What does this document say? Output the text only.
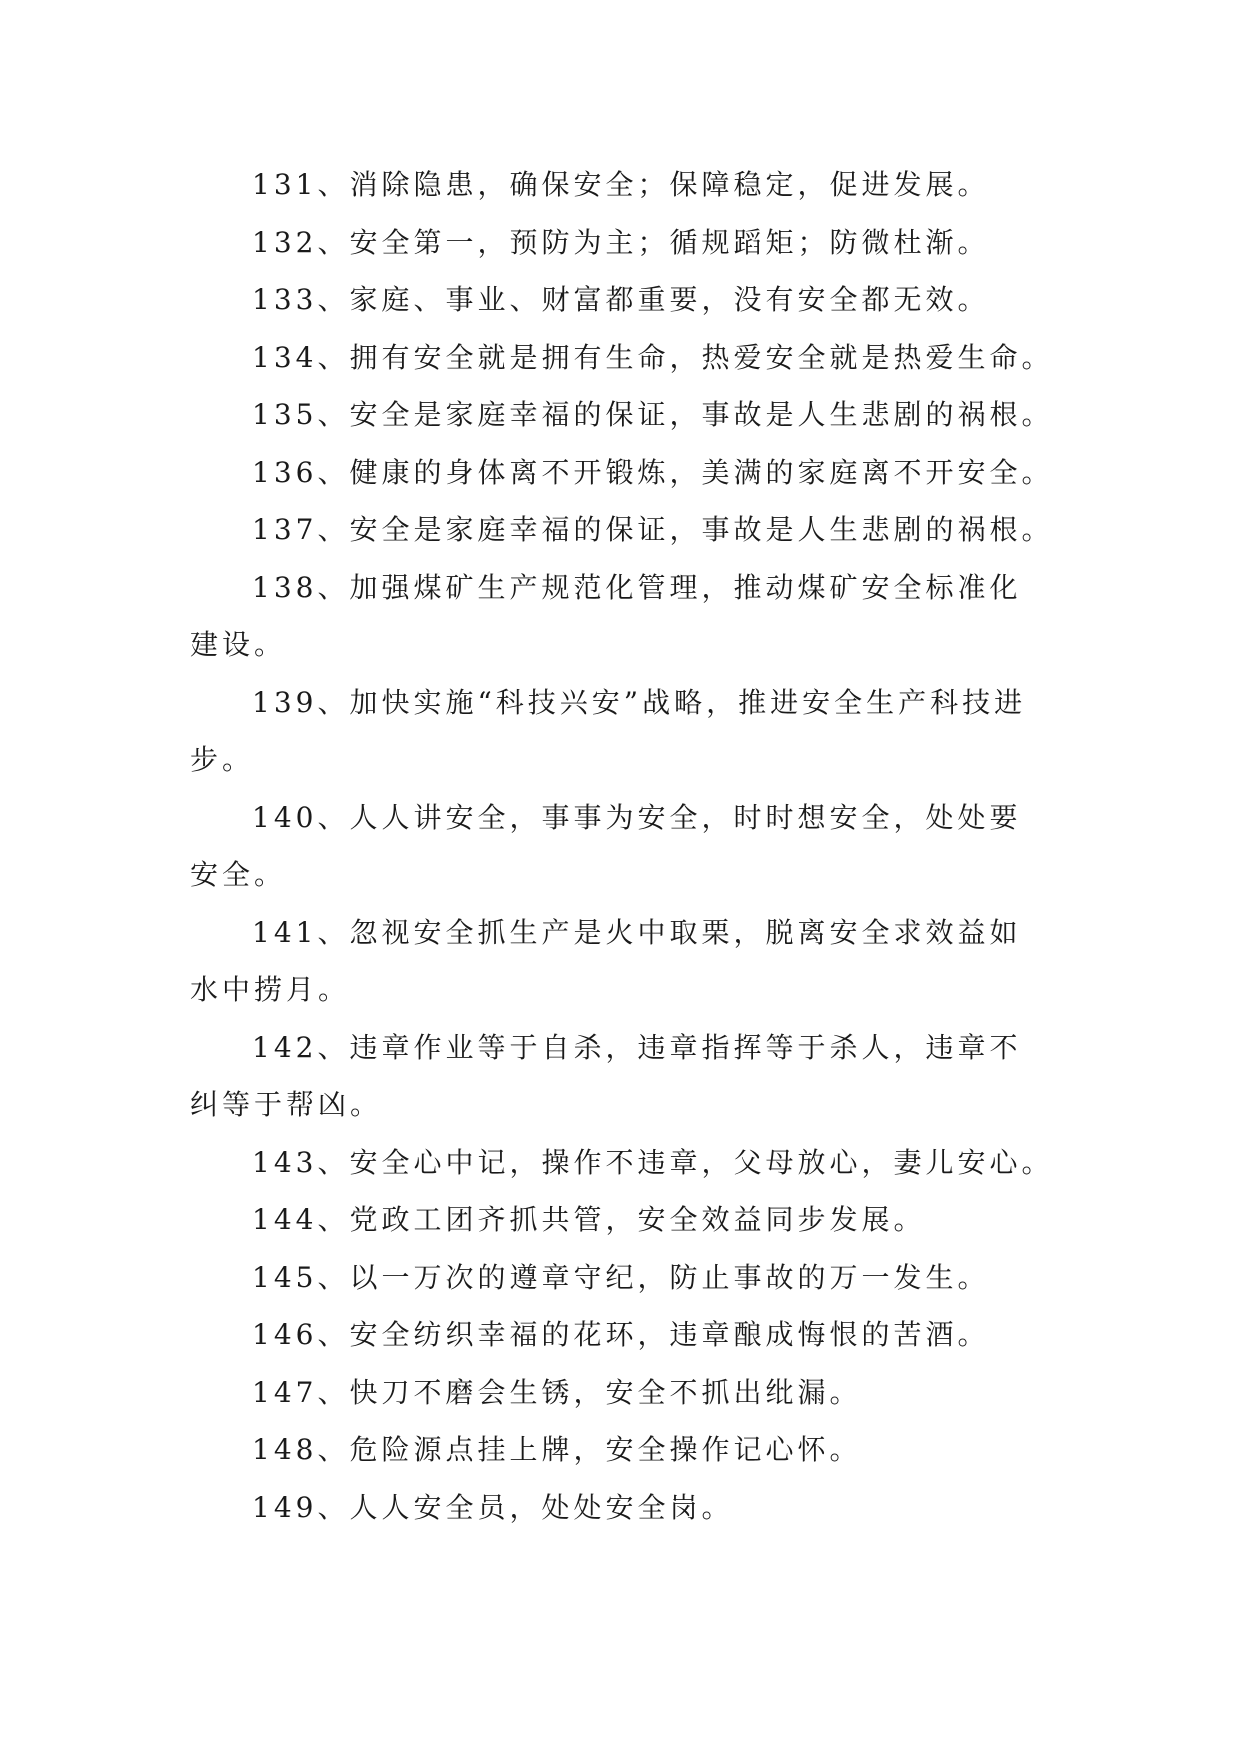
131、消除隐患，确保安全；保障稳定，促进发展。

132、安全第一，预防为主；循规蹈矩；防微杜渐。

133、家庭、事业、财富都重要，没有安全都无效。

134、拥有安全就是拥有生命，热爱安全就是热爱生命。

135、安全是家庭幸福的保证，事故是人生悲剧的祸根。

136、健康的身体离不开锻炼，美满的家庭离不开安全。

137、安全是家庭幸福的保证，事故是人生悲剧的祸根。

138、加强煤矿生产规范化管理，推动煤矿安全标准化建设。

139、加快实施“科技兴安”战略，推进安全生产科技进步。

140、人人讲安全，事事为安全，时时想安全，处处要安全。

141、忽视安全抓生产是火中取栗，脱离安全求效益如水中捞月。

142、违章作业等于自杀，违章指挥等于杀人，违章不纠等于帮凶。

143、安全心中记，操作不违章，父母放心，妻儿安心。

144、党政工团齐抓共管，安全效益同步发展。

145、以一万次的遵章守纪，防止事故的万一发生。

146、安全纺织幸福的花环，违章酿成悔恨的苦酒。

147、快刀不磨会生锈，安全不抓出纰漏。

148、危险源点挂上牌，安全操作记心怀。

149、人人安全员，处处安全岗。
